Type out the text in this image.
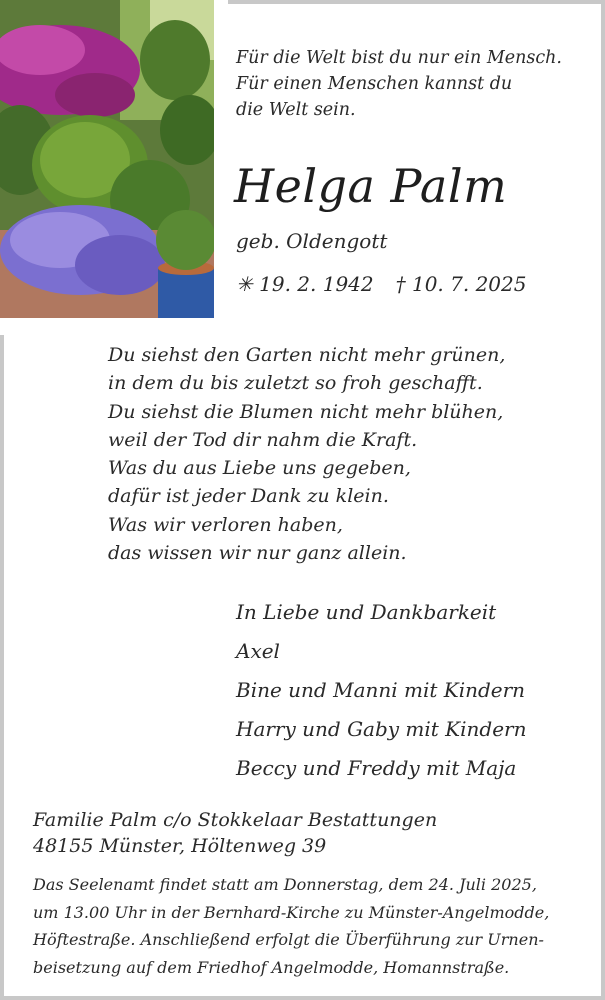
Für die Welt bist du nur ein Mensch.
Für einen Menschen kannst du
die Welt sein.
Helga Palm
geb. Oldengott
✳ 19. 2. 1942 † 10. 7. 2025
Du siehst den Garten nicht mehr grünen,
in dem du bis zuletzt so froh geschafft.
Du siehst die Blumen nicht mehr blühen,
weil der Tod dir nahm die Kraft.
Was du aus Liebe uns gegeben,
dafür ist jeder Dank zu klein.
Was wir verloren haben,
das wissen wir nur ganz allein.
In Liebe und Dankbarkeit
Axel
Bine und Manni mit Kindern
Harry und Gaby mit Kindern
Beccy und Freddy mit Maja
Familie Palm c/o Stokkelaar Bestattungen
48155 Münster, Höltenweg 39
Das Seelenamt findet statt am Donnerstag, dem 24. Juli 2025,
um 13.00 Uhr in der Bernhard-Kirche zu Münster-Angelmodde,
Höftestraße. Anschließend erfolgt die Überführung zur Urnen-
beisetzung auf dem Friedhof Angelmodde, Homannstraße.
